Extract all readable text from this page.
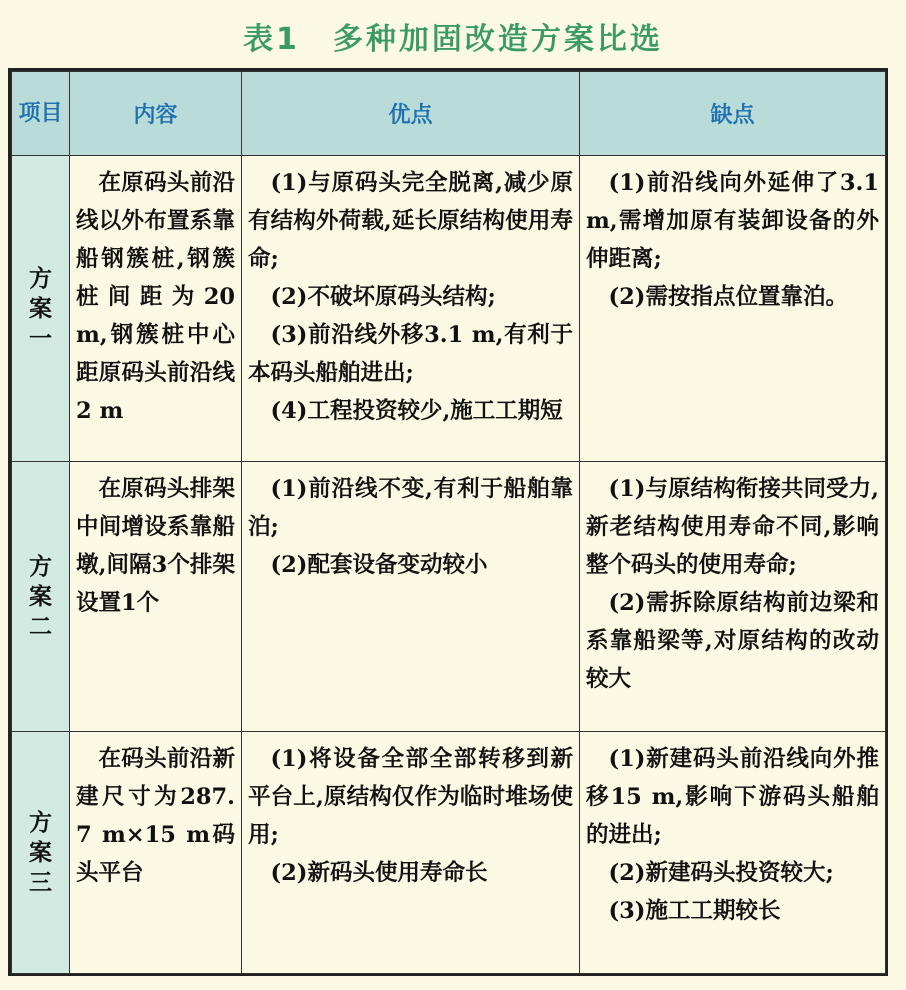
表1　多种加固改造方案比选
项目	内容	优点	缺点
方案一	在原码头前沿线以外布置系靠船钢簇桩,钢簇桩间距为20 m,钢簇桩中心距原码头前沿线2 m	(1)与原码头完全脱离,减少原有结构外荷载,延长原结构使用寿命;
(2)不破坏原码头结构;
(3)前沿线外移3.1 m,有利于本码头船舶进出;
(4)工程投资较少,施工工期短	(1)前沿线向外延伸了3.1 m,需增加原有装卸设备的外伸距离;
(2)需按指点位置靠泊。

方案二	在原码头排架中间增设系靠船墩,间隔3个排架设置1个	(1)前沿线不变,有利于船舶靠泊;
(2)配套设备变动较小	(1)与原结构衔接共同受力,新老结构使用寿命不同,影响整个码头的使用寿命;
(2)需拆除原结构前边梁和系靠船梁等,对原结构的改动较大

方案三	在码头前沿新建尺寸为287.7 m×15 m码头平台	(1)将设备全部全部转移到新平台上,原结构仅作为临时堆场使用;
(2)新码头使用寿命长	(1)新建码头前沿线向外推移15 m,影响下游码头船舶的进出;
(2)新建码头投资较大;
(3)施工工期较长
